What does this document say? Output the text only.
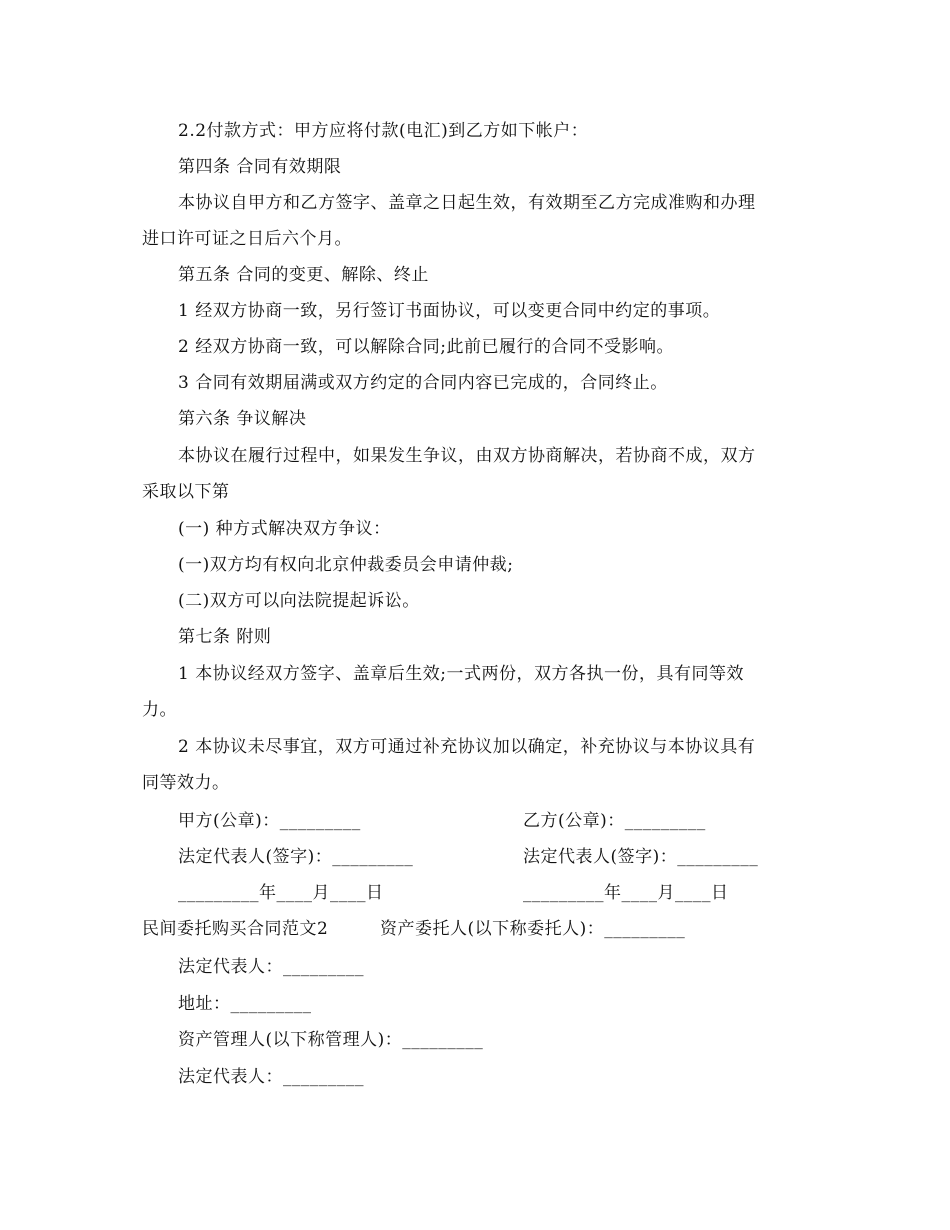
2.2付款方式：甲方应将付款(电汇)到乙方如下帐户：
第四条 合同有效期限
本协议自甲方和乙方签字、盖章之日起生效，有效期至乙方完成准购和办理
进口许可证之日后六个月。
第五条 合同的变更、解除、终止
1 经双方协商一致，另行签订书面协议，可以变更合同中约定的事项。
2 经双方协商一致，可以解除合同;此前已履行的合同不受影响。
3 合同有效期届满或双方约定的合同内容已完成的，合同终止。
第六条 争议解决
本协议在履行过程中，如果发生争议，由双方协商解决，若协商不成，双方
采取以下第
(一) 种方式解决双方争议：
(一)双方均有权向北京仲裁委员会申请仲裁;
(二)双方可以向法院提起诉讼。
第七条 附则
1 本协议经双方签字、盖章后生效;一式两份，双方各执一份，具有同等效
力。
2 本协议未尽事宜，双方可通过补充协议加以确定，补充协议与本协议具有
同等效力。
甲方(公章)：_________	乙方(公章)：_________
法定代表人(签字)：_________	法定代表人(签字)：_________
_________年____月____日	_________年____月____日
民间委托购买合同范文2	资产委托人(以下称委托人)：_________
法定代表人：_________
地址：_________
资产管理人(以下称管理人)：_________
法定代表人：_________
